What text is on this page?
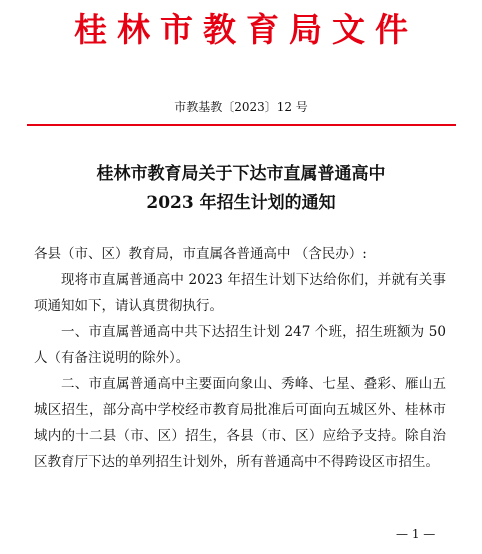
桂林市教育局文件
市教基教〔2023〕12 号
桂林市教育局关于下达市直属普通高中
2023 年招生计划的通知
各县（市、区）教育局，市直属各普通高中 （含民办）:
现将市直属普通高中 2023 年招生计划下达给你们，并就有关事项通知如下，请认真贯彻执行。
一、市直属普通高中共下达招生计划 247 个班，招生班额为 50 人（有备注说明的除外）。
二、市直属普通高中主要面向象山、秀峰、七星、叠彩、雁山五城区招生，部分高中学校经市教育局批准后可面向五城区外、桂林市域内的十二县（市、区）招生，各县（市、区）应给予支持。除自治区教育厅下达的单列招生计划外，所有普通高中不得跨设区市招生。
— 1 —
